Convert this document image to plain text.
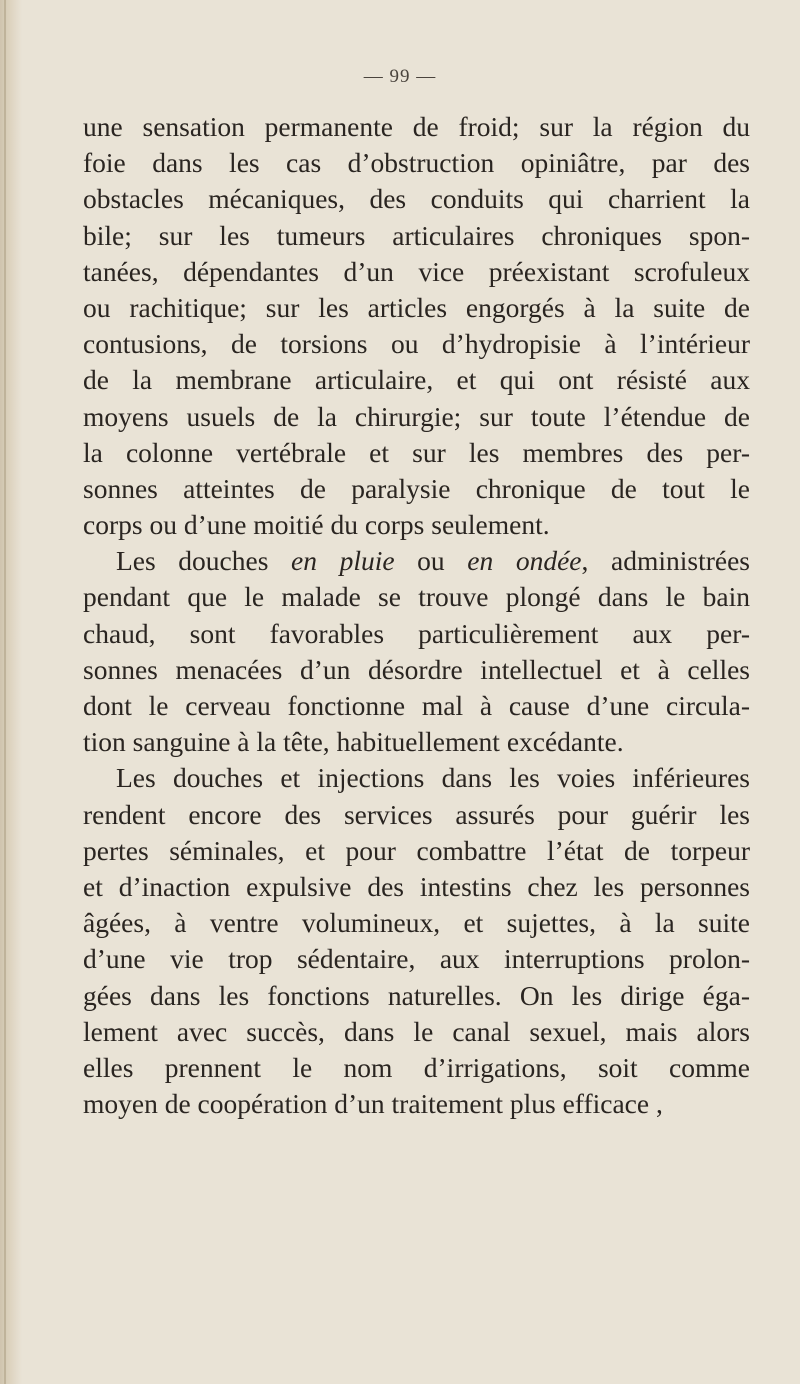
— 99 —
une sensation permanente de froid; sur la région du
foie dans les cas d’obstruction opiniâtre, par des
obstacles mécaniques, des conduits qui charrient la
bile; sur les tumeurs articulaires chroniques spon-
tanées, dépendantes d’un vice préexistant scrofuleux
ou rachitique; sur les articles engorgés à la suite de
contusions, de torsions ou d’hydropisie à l’intérieur
de la membrane articulaire, et qui ont résisté aux
moyens usuels de la chirurgie; sur toute l’étendue de
la colonne vertébrale et sur les membres des per-
sonnes atteintes de paralysie chronique de tout le
corps ou d’une moitié du corps seulement.
Les douches en pluie ou en ondée, administrées
pendant que le malade se trouve plongé dans le bain
chaud, sont favorables particulièrement aux per-
sonnes menacées d’un désordre intellectuel et à celles
dont le cerveau fonctionne mal à cause d’une circula-
tion sanguine à la tête, habituellement excédante.
Les douches et injections dans les voies inférieures
rendent encore des services assurés pour guérir les
pertes séminales, et pour combattre l’état de torpeur
et d’inaction expulsive des intestins chez les personnes
âgées, à ventre volumineux, et sujettes, à la suite
d’une vie trop sédentaire, aux interruptions prolon-
gées dans les fonctions naturelles. On les dirige éga-
lement avec succès, dans le canal sexuel, mais alors
elles prennent le nom d’irrigations, soit comme
moyen de coopération d’un traitement plus efficace ,
